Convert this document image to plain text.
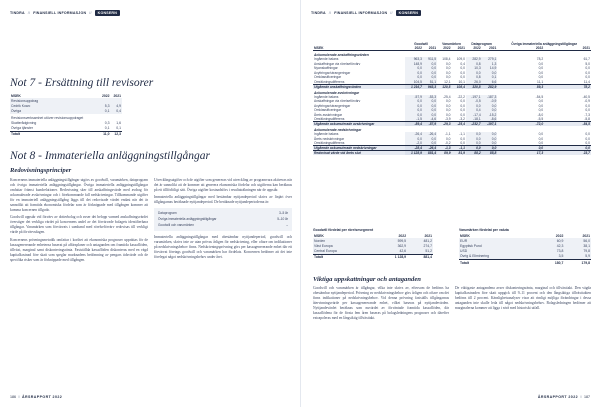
TINDRA // FINANSIELL INFORMASJON //	KONSERN
Not 7 - Ersättning till revisorer
MSEK	2022	2021
Revisionsuppdrag		
Cedrik Kowo	5,3	4,9
Övriga	0,1	0,4

Revisionsverksamhet utöver revisionsuppdraget		
Skatterådgivning	0,3	1,6
Övriga tjänster	0,1	0,1
Totalt	11,0	12,3
Not 8 - Immateriella anläggningstillgångar
Redovisningsprinciper

Koncernens immateriella anläggningstillgångar utgörs av goodwill, varumärken, dataprogram och övriga immateriella anläggningstillgångar. Övriga immateriella anläggningstillgångar omfattar främst kundrelationer. Redovisning sker till anskaffningsvärde med avdrag för ackumulerade avskrivningar och i förekommande fall nedskrivningar. Tillkommande utgifter för en immateriell anläggningstillgång läggs till det redovisade värdet endast när det är sannolikt att framtida ekonomiska fördelar som är förknippade med tillgången kommer att komma koncernen tillgodo.

Goodwill uppstår vid förvärv av dotterbolag och avser det belopp varmed anskaffningsvärdet överstiger det verkliga värdet på koncernens andel av det förvärvade bolagets identifierbara tillgångar. Varumärken som förvärvats i samband med rörelseförvärv redovisas till verkligt värde på förvärvsdagen.

Koncernens prövningsmetodik omfattar i korthet att ekonomiska prognoser upprättas för de kassagenererande enheterna baserat på affärsplaner och antaganden om framtida kassaflöden, tillväxt, marginal samt diskonteringsränta. Fastställda kassaflöden diskonteras med en vägd kapitalkostnad före skatt som speglar marknadens bedömning av pengars tidsvärde och de specifika risker som är förknippade med tillgången.

Utvecklingsutgifter och de utgifter som genereras vid utveckling av programvara aktiveras när det är sannolikt att de kommer att generera ekonomiska fördelar och utgifterna kan beräknas på ett tillförlitligt sätt. Övriga utgifter kostnadsförs i resultaträkningen när de uppstår.

Immateriella anläggningstillgångar med bestämbar nyttjandeperiod skrivs av linjärt över tillgångarnas beräknade nyttjandeperiod. De beräknade nyttjandeperioderna är:

Dataprogram	3–5 år
Övriga immateriella anläggningstillgångar	5–10 år
Goodwill och varumärken	–

Immateriella anläggningstillgångar med obestämbar nyttjandeperiod, goodwill och varumärken, skrivs inte av utan prövas årligen för nedskrivning, eller oftare om indikationer på nedskrivningsbehov finns. Nedskrivningsprövning görs per kassagenererande enhet där ett förvärvat företags goodwill och varumärken har fördelats. Koncernen bedömer att det inte förelegat något nedskrivningsbehov under året.

186 // ÅRSRAPPORT 2022
TINDRA // FINANSIELL INFORMASJON //	KONSERN
	Goodwill		Varumärken		Dataprogram		Övriga immateriella anläggningstillgångar	
MSEK	2022	2021	2022	2021	2022	2021	2022	2021
Ackumulerade anskaffningsvärden								
Ingående balans	963,3	911,5	108,4	109,0	282,9	279,1	78,2	61,7
Anskaffningar via rörelseförvärv	148,9	0,0	0,0	0,4	0,8	1,3	0,0	5,0
Nyanskaffningar	0,0	0,0	0,0	0,0	10,3	14,9	0,0	0,0
Avyttringar/utrangeringar	0,0	0,0	0,0	0,0	0,0	0,0	0,0	0,0
Omklassificeringar	0,0	0,0	0,0	0,0	0,8	0,1	0,0	0,0
Omräkningsdifferens	104,5	51,1	12,1	10,1	26,0	6,6	11,1	11,4
Utgående anskaffningsvärden	1 216,7	963,3	120,5	108,4	320,8	282,9	89,3	78,2
Ackumulerade avskrivningar								
Ingående balans	-57,9	-53,3	-25,4	-22,2	-197,1	-187,3	-54,5	-40,5
Anskaffningar via rörelseförvärv	0,0	0,0	0,0	0,0	-0,5	-0,9	0,0	-0,9
Avyttringar/utrangeringar	0,0	0,0	0,0	0,0	0,0	0,0	0,0	0,0
Omklassificeringar	0,0	0,0	0,0	0,0	0,4	0,0	0,0	0,0
Årets avskrivningar	0,0	0,0	0,0	0,0	-17,4	-15,2	-8,0	-7,3
Omräkningsdifferens	-1,5	-4,6	-3,9	-3,2	-18,1	-8,6	-5,5	-5,8
Utgående ackumulerade avskrivningar	-59,4	-57,9	-29,3	-25,4	-232,7	-197,1	-72,0	-54,5
Ackumulerade nedskrivningar								
Ingående balans	-26,4	-26,4	-1,1	-1,1	0,0	0,0	0,0	0,0
Årets nedskrivningar	0,0	0,0	0,0	0,0	0,0	0,0	0,0	0,0
Omräkningsdifferens	-2,0	0,0	-0,2	0,0	0,0	0,0	0,0	0,0
Utgående ackumulerade nedskrivningar	-28,4	-26,4	-1,3	-1,1	0,0	0,0	0,0	0,0
Redovisat värde vid årets slut	1 128,9	881,4	89,9	81,9	88,2	85,8	17,3	23,7
Goodwill fördelat per rörelsesegment
MSEK	2022	2021
Norden	599,5	481,2
Väst Europa	362,9	274,7
Central Europa	42,6	51,2
Totalt	1 128,9	881,4
Varumärken fördelat per valuta
MSEK	2022	2021
EUR	60,9	56,0
Egyptisk Pund	42,3	38,1
USD	73,8	79,8
Övrig & Eliminering	3,5	5,9
Totalt	180,7	179,8
Viktiga uppskattningar och antaganden

Goodwill och varumärken är tillgångar, vilka inte skrivs av, eftersom de bedöms ha obestämbar nyttjandeperiod. Prövning av nedskrivningsbehov görs årligen och oftare om det finns indikationer på nedskrivningsbehov. Vid denna prövning fastställs tillgångarnas återvinningsvärde per kassagenererande enhet, vilket baseras på nyttjandevärden. Nyttjandevärdet beräknas som nuvärdet av förväntade framtida kassaflöden, där kassaflödena för de första fem åren baseras på bolagsledningens prognoser och därefter extrapoleras med en långsiktig tillväxttakt.

De viktigaste antagandena avser diskonteringsränta, marginal och tillväxttakt. Den vägda kapitalkostnaden före skatt uppgick till 9–11 procent och den långsiktiga tillväxttakten bedöms till 2 procent. Känslighetsanalyser visar att rimligt möjliga förändringar i dessa antaganden inte skulle leda till något nedskrivningsbehov. Bolagsledningen bedömer att marginalerna kommer att ligga i nivå med historiskt utfall.

ÅRSRAPPORT 2022 // 187
